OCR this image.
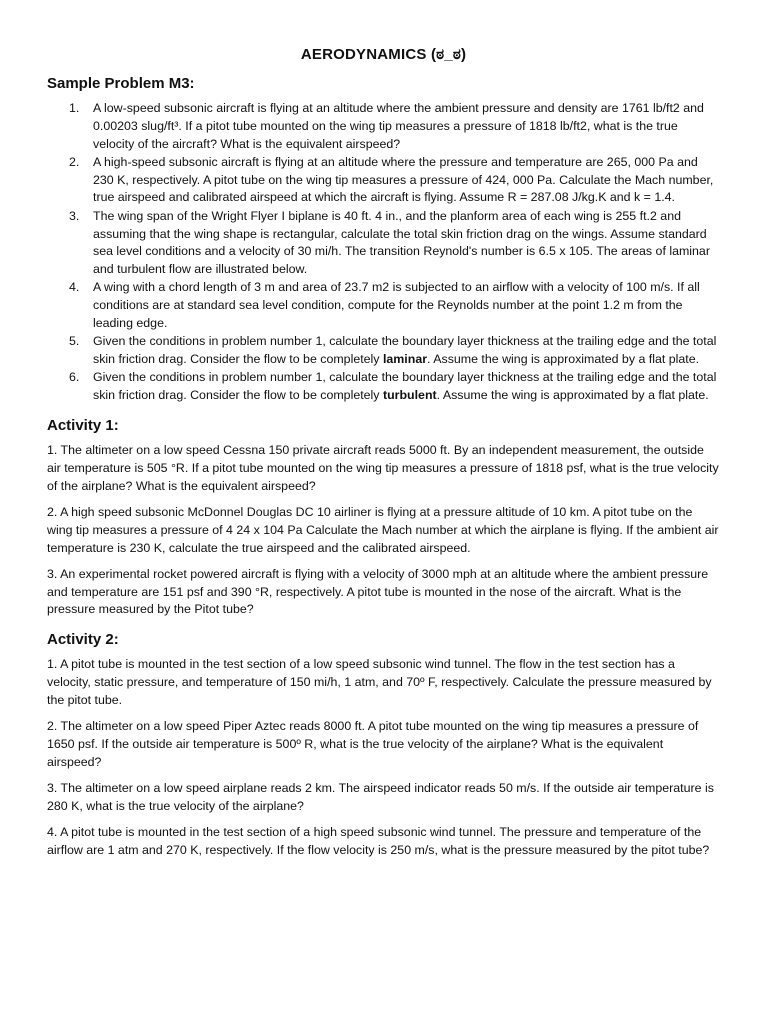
AERODYNAMICS (ಠ_ಠ)
Sample Problem M3:
1. A low-speed subsonic aircraft is flying at an altitude where the ambient pressure and density are 1761 lb/ft2 and 0.00203 slug/ft³. If a pitot tube mounted on the wing tip measures a pressure of 1818 lb/ft2, what is the true velocity of the aircraft? What is the equivalent airspeed?
2. A high-speed subsonic aircraft is flying at an altitude where the pressure and temperature are 265, 000 Pa and 230 K, respectively. A pitot tube on the wing tip measures a pressure of 424, 000 Pa. Calculate the Mach number, true airspeed and calibrated airspeed at which the aircraft is flying. Assume R = 287.08 J/kg.K and k = 1.4.
3. The wing span of the Wright Flyer I biplane is 40 ft. 4 in., and the planform area of each wing is 255 ft.2 and assuming that the wing shape is rectangular, calculate the total skin friction drag on the wings. Assume standard sea level conditions and a velocity of 30 mi/h. The transition Reynold's number is 6.5 x 105. The areas of laminar and turbulent flow are illustrated below.
4. A wing with a chord length of 3 m and area of 23.7 m2 is subjected to an airflow with a velocity of 100 m/s. If all conditions are at standard sea level condition, compute for the Reynolds number at the point 1.2 m from the leading edge.
5. Given the conditions in problem number 1, calculate the boundary layer thickness at the trailing edge and the total skin friction drag. Consider the flow to be completely laminar. Assume the wing is approximated by a flat plate.
6. Given the conditions in problem number 1, calculate the boundary layer thickness at the trailing edge and the total skin friction drag. Consider the flow to be completely turbulent. Assume the wing is approximated by a flat plate.
Activity 1:

1. The altimeter on a low speed Cessna 150 private aircraft reads 5000 ft. By an independent measurement, the outside air temperature is 505 °R. If a pitot tube mounted on the wing tip measures a pressure of 1818 psf, what is the true velocity of the airplane? What is the equivalent airspeed?

2. A high speed subsonic McDonnel Douglas DC 10 airliner is flying at a pressure altitude of 10 km. A pitot tube on the wing tip measures a pressure of 4 24 x 104 Pa Calculate the Mach number at which the airplane is flying. If the ambient air temperature is 230 K, calculate the true airspeed and the calibrated airspeed.

3. An experimental rocket powered aircraft is flying with a velocity of 3000 mph at an altitude where the ambient pressure and temperature are 151 psf and 390 °R, respectively. A pitot tube is mounted in the nose of the aircraft. What is the pressure measured by the Pitot tube?

Activity 2:

1. A pitot tube is mounted in the test section of a low speed subsonic wind tunnel. The flow in the test section has a velocity, static pressure, and temperature of 150 mi/h, 1 atm, and 70º F, respectively. Calculate the pressure measured by the pitot tube.

2. The altimeter on a low speed Piper Aztec reads 8000 ft. A pitot tube mounted on the wing tip measures a pressure of 1650 psf. If the outside air temperature is 500º R, what is the true velocity of the airplane? What is the equivalent airspeed?

3. The altimeter on a low speed airplane reads 2 km. The airspeed indicator reads 50 m/s. If the outside air temperature is 280 K, what is the true velocity of the airplane?

4. A pitot tube is mounted in the test section of a high speed subsonic wind tunnel. The pressure and temperature of the airflow are 1 atm and 270 K, respectively. If the flow velocity is 250 m/s, what is the pressure measured by the pitot tube?
